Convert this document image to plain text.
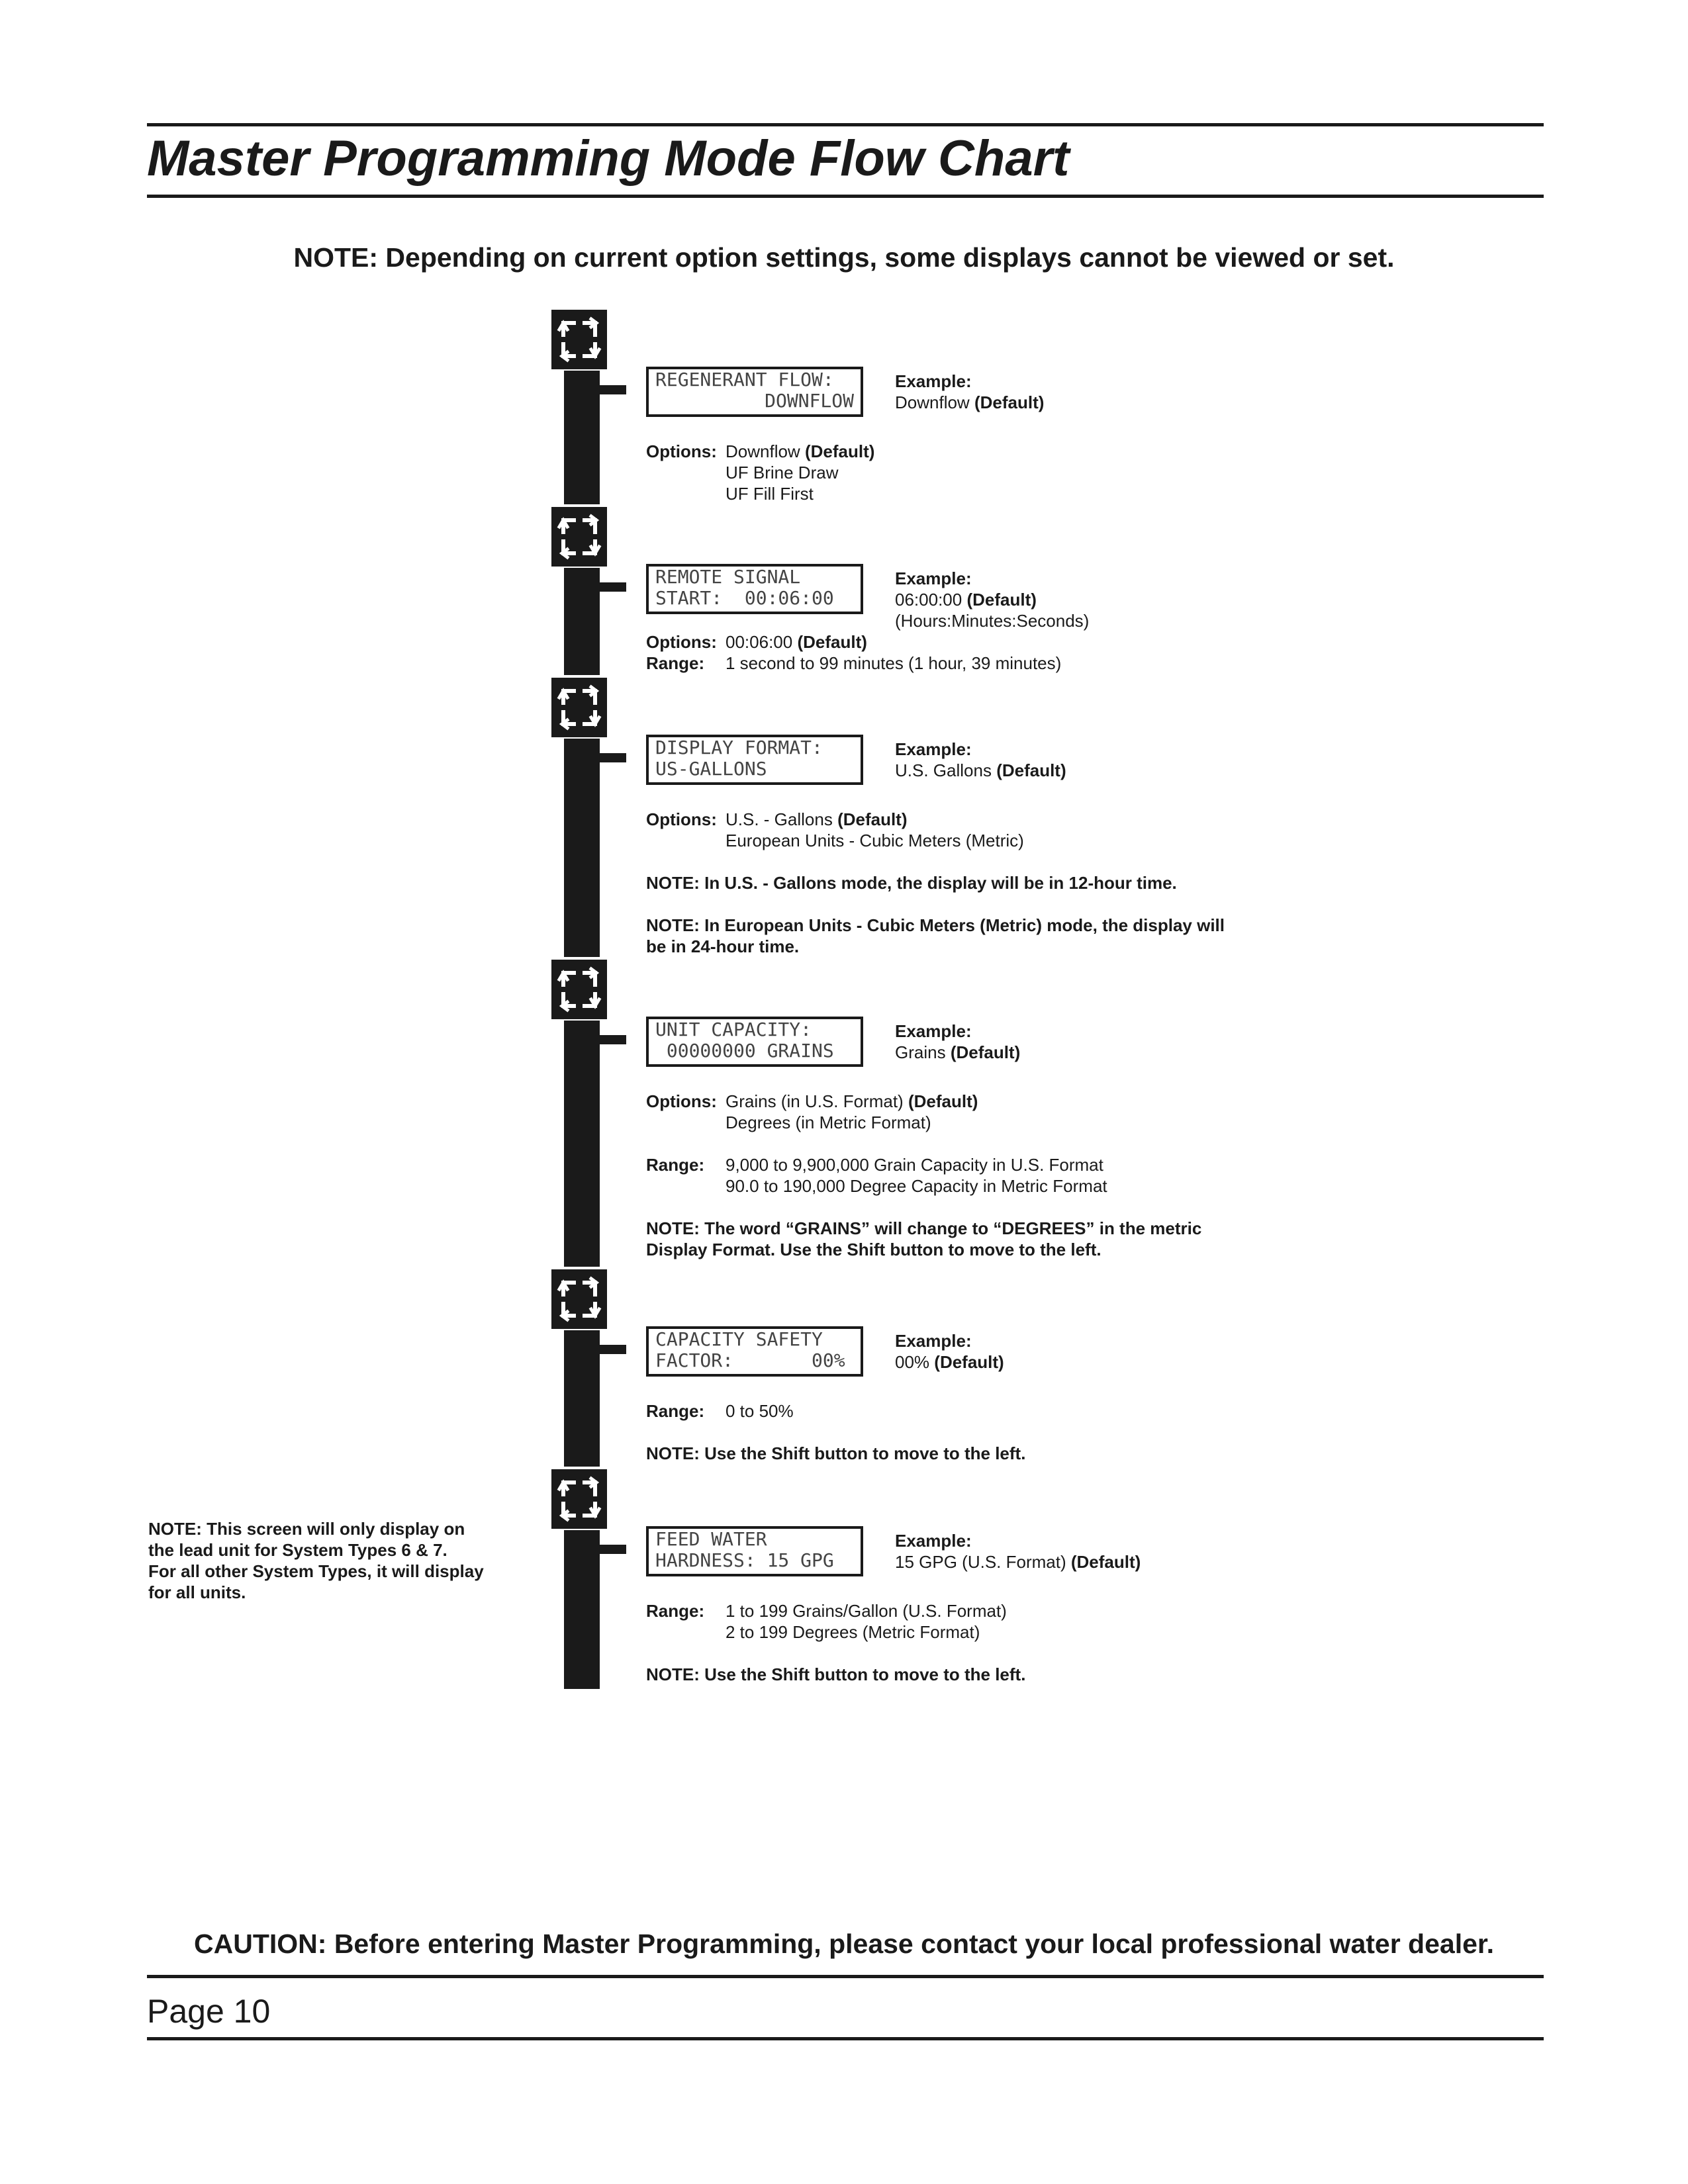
Master Programming Mode Flow Chart
NOTE: Depending on current option settings, some displays cannot be viewed or set.
REGENERANT FLOW:
DOWNFLOW
Example:
Downflow (Default)
Options: Downflow (Default)
UF Brine Draw
UF Fill First
REMOTE SIGNAL
START:  00:06:00
Example:
06:00:00 (Default)
(Hours:Minutes:Seconds)
Options: 00:06:00 (Default)
Range: 1 second to 99 minutes (1 hour, 39 minutes)
DISPLAY FORMAT:
US-GALLONS
Example:
U.S. Gallons (Default)
Options: U.S. - Gallons (Default)
European Units - Cubic Meters (Metric)
NOTE: In U.S. - Gallons mode, the display will be in 12-hour time.
NOTE: In European Units - Cubic Meters (Metric) mode, the display will
be in 24-hour time.
UNIT CAPACITY:
00000000 GRAINS
Example:
Grains (Default)
Options: Grains (in U.S. Format) (Default)
Degrees (in Metric Format)
Range: 9,000 to 9,900,000 Grain Capacity in U.S. Format
90.0 to 190,000 Degree Capacity in Metric Format
NOTE: The word “GRAINS” will change to “DEGREES” in the metric
Display Format. Use the Shift button to move to the left.
CAPACITY SAFETY
FACTOR:       00%
Example:
00% (Default)
Range: 0 to 50%
NOTE: Use the Shift button to move to the left.
FEED WATER
HARDNESS: 15 GPG
Example:
15 GPG (U.S. Format) (Default)
Range: 1 to 199 Grains/Gallon (U.S. Format)
2 to 199 Degrees (Metric Format)
NOTE: Use the Shift button to move to the left.
NOTE: This screen will only display on
the lead unit for System Types 6 & 7.
For all other System Types, it will display
for all units.
CAUTION: Before entering Master Programming, please contact your local professional water dealer.
Page 10
